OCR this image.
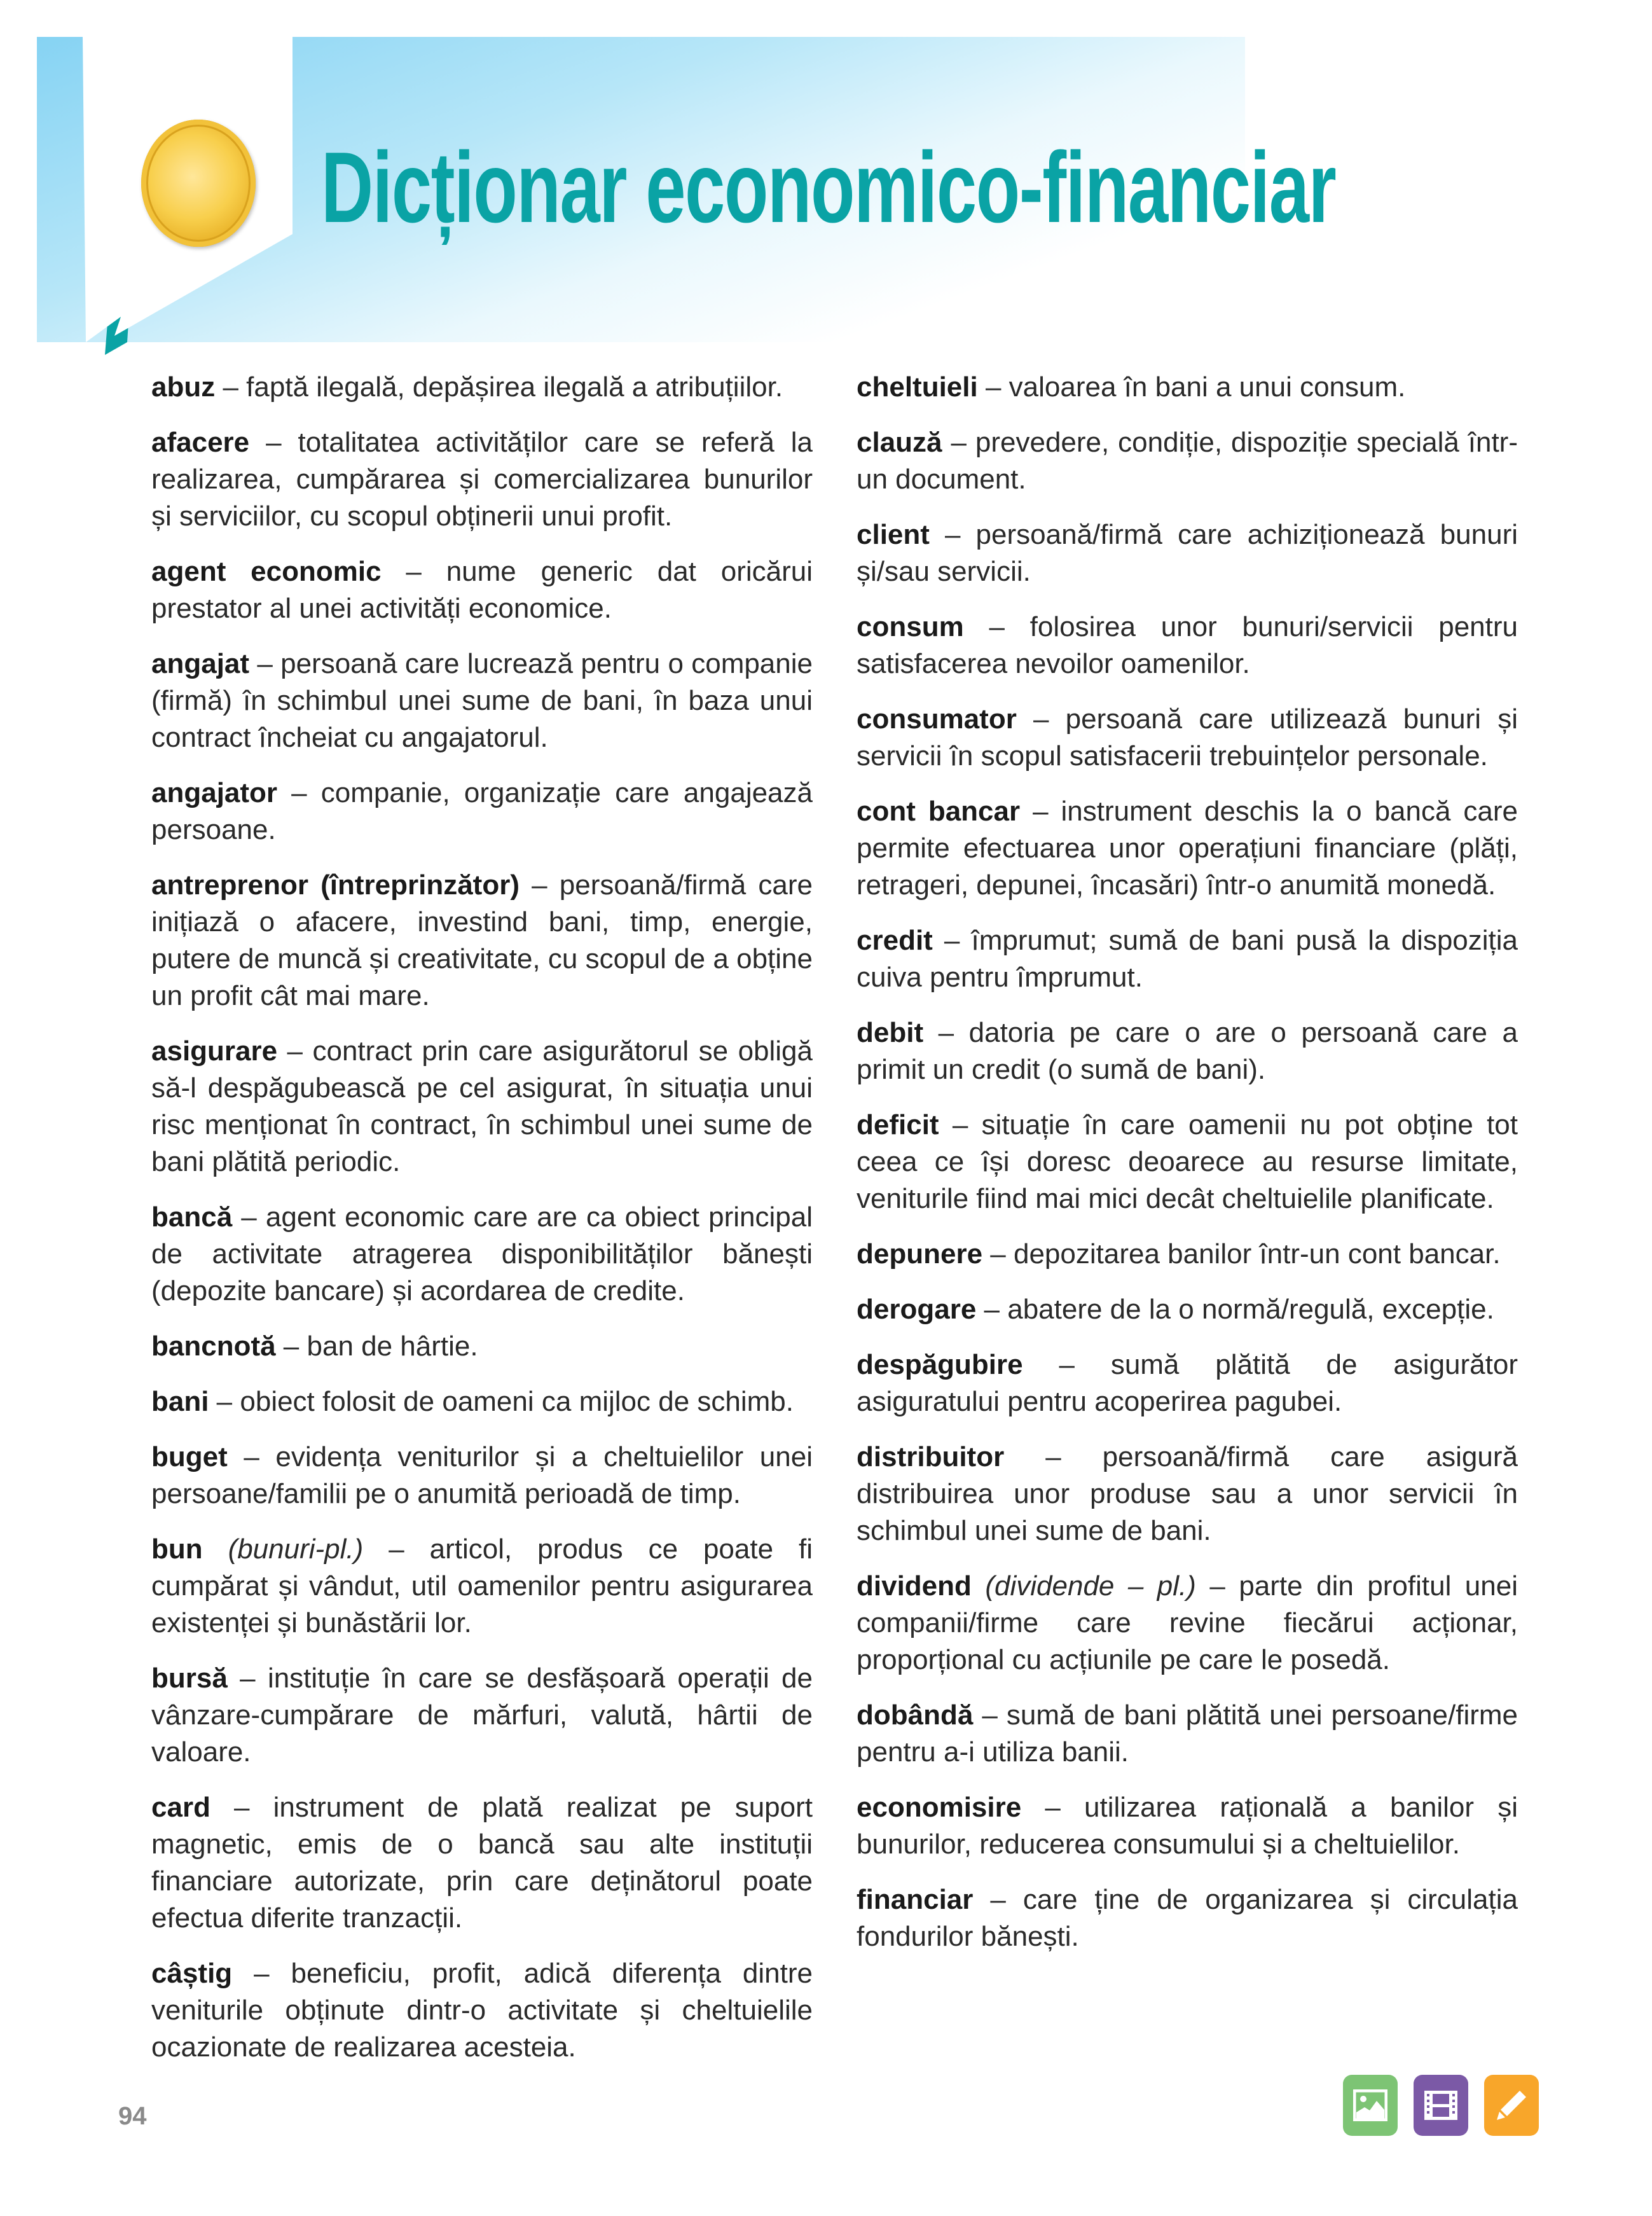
Dicționar economico-financiar
abuz – faptă ilegală, depășirea ilegală a atribuțiilor.
afacere – totalitatea activităților care se referă la realizarea, cumpărarea și comercializarea bunurilor și serviciilor, cu scopul obținerii unui profit.
agent economic – nume generic dat oricărui prestator al unei activități economice.
angajat – persoană care lucrează pentru o companie (firmă) în schimbul unei sume de bani, în baza unui contract încheiat cu angajatorul.
angajator – companie, organizație care angajează persoane.
antreprenor (întreprinzător) – persoană/firmă care inițiază o afacere, investind bani, timp, energie, putere de muncă și creativitate, cu scopul de a obține un profit cât mai mare.
asigurare – contract prin care asigurătorul se obligă să-l despăgubească pe cel asigurat, în situația unui risc menționat în contract, în schimbul unei sume de bani plătită periodic.
bancă – agent economic care are ca obiect principal de activitate atragerea disponibilităților bănești (depozite bancare) și acordarea de credite.
bancnotă – ban de hârtie.
bani – obiect folosit de oameni ca mijloc de schimb.
buget – evidența veniturilor și a cheltuielilor unei persoane/familii pe o anumită perioadă de timp.
bun (bunuri-pl.) – articol, produs ce poate fi cumpărat și vândut, util oamenilor pentru asigurarea existenței și bunăstării lor.
bursă – instituție în care se desfășoară operații de vânzare-cumpărare de mărfuri, valută, hârtii de valoare.
card – instrument de plată realizat pe suport magnetic, emis de o bancă sau alte instituții financiare autorizate, prin care deținătorul poate efectua diferite tranzacții.
câștig – beneficiu, profit, adică diferența dintre veniturile obținute dintr-o activitate și cheltuielile ocazionate de realizarea acesteia.
cheltuieli – valoarea în bani a unui consum.
clauză – prevedere, condiție, dispoziție specială într-un document.
client – persoană/firmă care achiziționează bunuri și/sau servicii.
consum – folosirea unor bunuri/servicii pentru satisfacerea nevoilor oamenilor.
consumator – persoană care utilizează bunuri și servicii în scopul satisfacerii trebuințelor personale.
cont bancar – instrument deschis la o bancă care permite efectuarea unor operațiuni financiare (plăți, retrageri, depunei, încasări) într-o anumită monedă.
credit – împrumut; sumă de bani pusă la dispoziția cuiva pentru împrumut.
debit – datoria pe care o are o persoană care a primit un credit (o sumă de bani).
deficit – situație în care oamenii nu pot obține tot ceea ce își doresc deoarece au resurse limitate, veniturile fiind mai mici decât cheltuielile planificate.
depunere – depozitarea banilor într-un cont bancar.
derogare – abatere de la o normă/regulă, excepție.
despăgubire – sumă plătită de asigurător asiguratului pentru acoperirea pagubei.
distribuitor – persoană/firmă care asigură distribuirea unor produse sau a unor servicii în schimbul unei sume de bani.
dividend (dividende – pl.) – parte din profitul unei companii/firme care revine fiecărui acționar, proporțional cu acțiunile pe care le posedă.
dobândă – sumă de bani plătită unei persoane/firme pentru a-i utiliza banii.
economisire – utilizarea rațională a banilor și bunurilor, reducerea consumului și a cheltuielilor.
financiar – care ține de organizarea și circulația fondurilor bănești.
94
